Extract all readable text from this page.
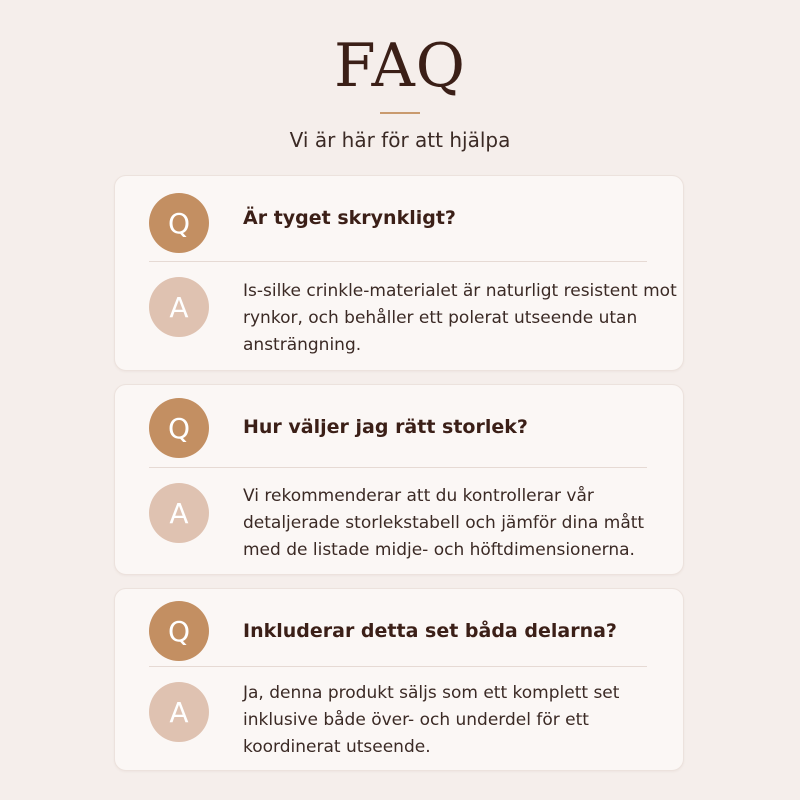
FAQ
Vi är här för att hjälpa
Q	Är tyget skrynkligt?
A	Is-silke crinkle-materialet är naturligt resistent mot rynkor, och behåller ett polerat utseende utan ansträngning.
Q	Hur väljer jag rätt storlek?
A
Vi rekommenderar att du kontrollerar vår detaljerade storlekstabell och jämför dina mått med de listade midje- och höftdimensionerna.
Q	Inkluderar detta set båda delarna?
A
Ja, denna produkt säljs som ett komplett set inklusive både över- och underdel för ett koordinerat utseende.
